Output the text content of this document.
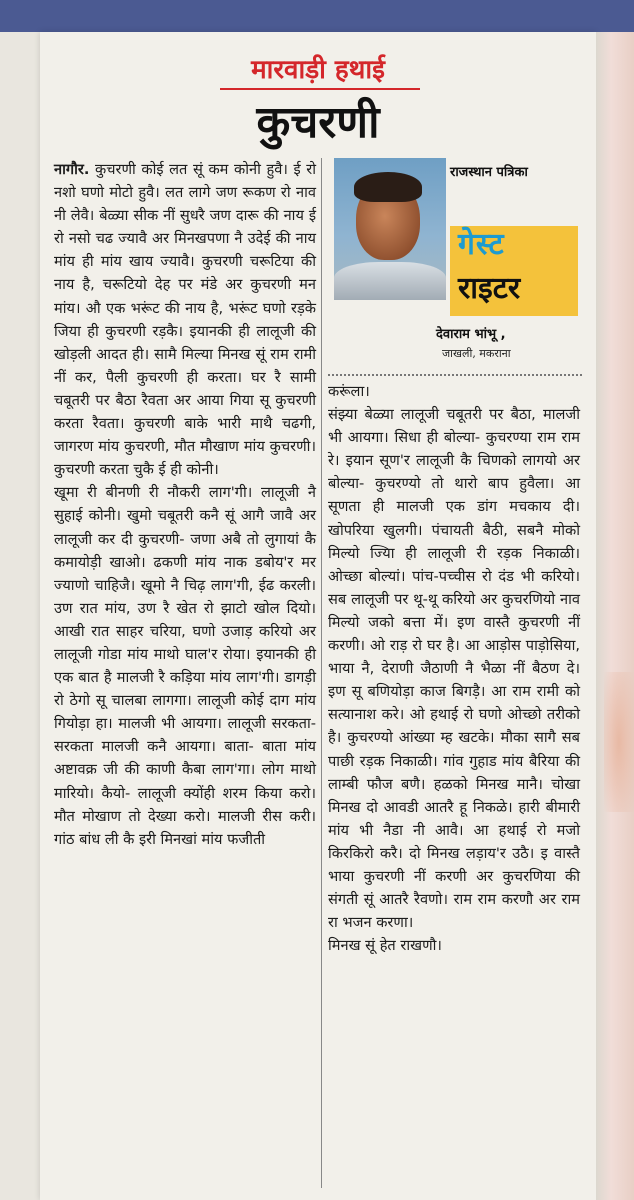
मारवाड़ी हथाई
कुचरणी

नागौर. कुचरणी कोई लत सूं कम कोनी हुवै। ई रो नशो घणो मोटो हुवै। लत लागे जण रूकण रो नाव नी लेवै। बेळ्या सीक नीं सुधरै जण दारू की नाय ई रो नसो चढ ज्यावै अर मिनखपणा नै उदेई की नाय मांय ही मांय खाय ज्यावै। कुचरणी चरूटिया की नाय है, चरूटियो देह पर मंडे अर कुचरणी मन मांय। औ एक भरूंट की नाय है, भरूंट घणो रड़के जिया ही कुचरणी रड़कै। इयानकी ही लालूजी की खोड़ली आदत ही। सामै मिल्या मिनख सूं राम रामी नीं कर, पैली कुचरणी ही करता। घर रै सामी चबूतरी पर बैठा रैवता अर आया गिया सू कुचरणी करता रैवता। कुचरणी बाके भारी माथै चढगी, जागरण मांय कुचरणी, मौत मौखाण मांय कुचरणी। कुचरणी करता चुकै ई ही कोनी।

खूमा री बीनणी री नौकरी लाग'गी। लालूजी नै सुहाई कोनी। खुमो चबूतरी कनै सूं आगै जावै अर लालूजी कर दी कुचरणी- जणा अबै तो लुगायां कै कमायोड़ी खाओ। ढकणी मांय नाक डबोय'र मर ज्याणो चाहिजै। खूमो नै चिढ़ लाग'गी, ईढ करली। उण रात मांय, उण रै खेत रो झाटो खोल दियो। आखी रात साहर चरिया, घणो उजाड़ करियो अर लालूजी गोडा मांय माथो घाल'र रोया। इयानकी ही एक बात है मालजी रै कड़िया मांय लाग'गी। डागड़ी रो ठेगो सू चालबा लागगा। लालूजी कोई दाग मांय गियोड़ा हा। मालजी भी आयगा। लालूजी सरकता- सरकता मालजी कनै आयगा। बाता- बाता मांय अष्टावक्र जी की काणी कैबा लाग'गा। लोग माथो मारियो। कैयो- लालूजी क्योंही शरम किया करो। मौत मोखाण तो देख्या करो। मालजी रीस करी। गांठ बांध ली कै इरी मिनखां मांय फजीती

राजस्थान पत्रिका
गेस्ट
राइटर
देवाराम भांभू ,
जाखली, मकराना

करूंला।

संझ्या बेळ्या लालूजी चबूतरी पर बैठा, मालजी भी आयगा। सिधा ही बोल्या- कुचरण्या राम राम रे। इयान सूण'र लालूजी कै चिणको लागयो अर बोल्या- कुचरण्यो तो थारो बाप हुवैला। आ सूणता ही मालजी एक डांग मचकाय दी। खोपरिया खुलगी। पंचायती बैठी, सबनै मोको मिल्यो ज्यिा ही लालूजी री रड़क निकाळी। ओच्छा बोल्यां। पांच-पच्चीस रो दंड भी करियो। सब लालूजी पर थू-थू करियो अर कुचरणियो नाव मिल्यो जको बत्ता में। इण वास्तै कुचरणी नीं करणी। ओ राड़ रो घर है। आ आड़ोस पाड़ोसिया, भाया नै, देराणी जैठाणी नै भैळा नीं बैठण दे। इण सू बणियोड़ा काज बिगड़ै। आ राम रामी को सत्यानाश करे। ओ हथाई रो घणो ओच्छो तरीको है। कुचरण्यो आंख्या म्ह खटके। मौका सागै सब पाछी रड़क निकाळी। गांव गुहाड मांय बैरिया की लाम्बी फौज बणै। हळको मिनख मानै। चोखा मिनख दो आवडी आतरै हू निकळे। हारी बीमारी मांय भी नैडा नी आवै। आ हथाई रो मजो किरकिरो करै। दो मिनख लड़ाय'र उठै। इ वास्तै भाया कुचरणी नीं करणी अर कुचरणिया की संगती सूं आतरै रैवणो। राम राम करणौ अर राम रा भजन करणा।

मिनख सूं हेत राखणौ।
